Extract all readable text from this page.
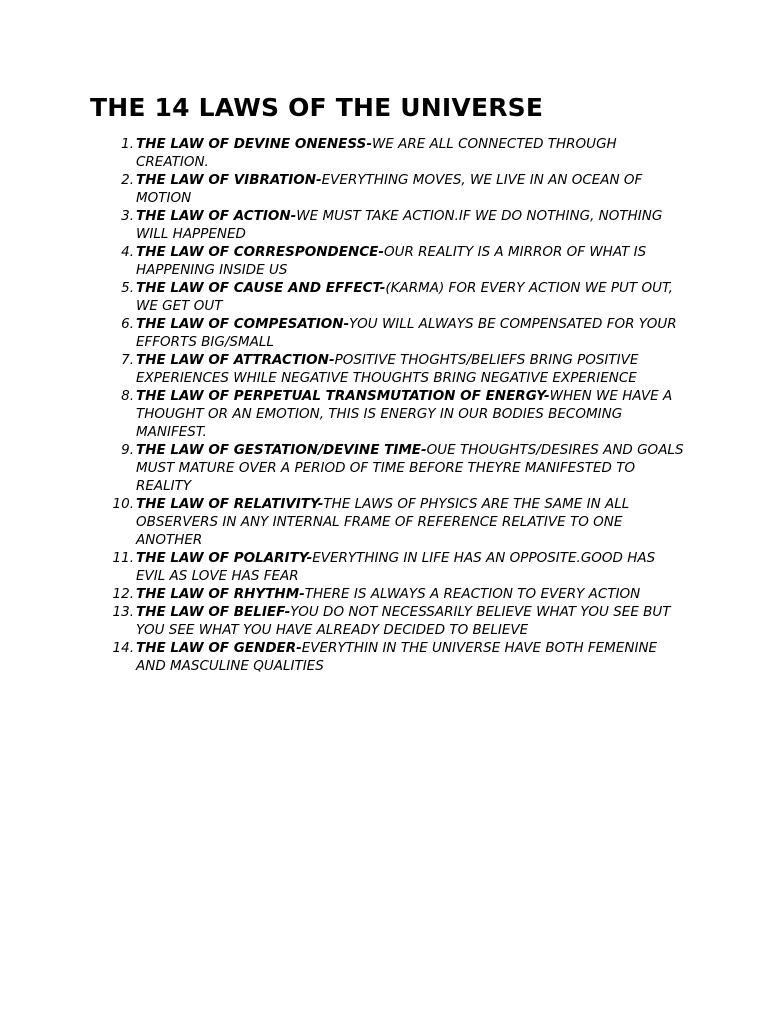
THE 14 LAWS OF THE UNIVERSE
1. THE LAW OF DEVINE ONENESS-WE ARE ALL CONNECTED THROUGH CREATION.
2. THE LAW OF VIBRATION-EVERYTHING MOVES, WE LIVE IN AN OCEAN OF MOTION
3. THE LAW OF ACTION-WE MUST TAKE ACTION.IF WE DO NOTHING, NOTHING WILL HAPPENED
4. THE LAW OF CORRESPONDENCE-OUR REALITY IS A MIRROR OF WHAT IS HAPPENING INSIDE US
5. THE LAW OF CAUSE AND EFFECT-(KARMA) FOR EVERY ACTION WE PUT OUT, WE GET OUT
6. THE LAW OF COMPESATION-YOU WILL ALWAYS BE COMPENSATED FOR YOUR EFFORTS BIG/SMALL
7. THE LAW OF ATTRACTION-POSITIVE THOGHTS/BELIEFS BRING POSITIVE EXPERIENCES WHILE NEGATIVE THOUGHTS BRING NEGATIVE EXPERIENCE
8. THE LAW OF PERPETUAL TRANSMUTATION OF ENERGY-WHEN WE HAVE A THOUGHT OR AN EMOTION, THIS IS ENERGY IN OUR BODIES BECOMING MANIFEST.
9. THE LAW OF GESTATION/DEVINE TIME-OUE THOUGHTS/DESIRES AND GOALS MUST MATURE OVER A PERIOD OF TIME BEFORE THEYRE MANIFESTED TO REALITY
10. THE LAW OF RELATIVITY-THE LAWS OF PHYSICS ARE THE SAME IN ALL OBSERVERS IN ANY INTERNAL FRAME OF REFERENCE RELATIVE TO ONE ANOTHER
11. THE LAW OF POLARITY-EVERYTHING IN LIFE HAS AN OPPOSITE.GOOD HAS EVIL AS LOVE HAS FEAR
12. THE LAW OF RHYTHM-THERE IS ALWAYS A REACTION TO EVERY ACTION
13. THE LAW OF BELIEF-YOU DO NOT NECESSARILY BELIEVE WHAT YOU SEE BUT YOU SEE WHAT YOU HAVE ALREADY DECIDED TO BELIEVE
14. THE LAW OF GENDER-EVERYTHIN IN THE UNIVERSE HAVE BOTH FEMENINE AND MASCULINE QUALITIES
